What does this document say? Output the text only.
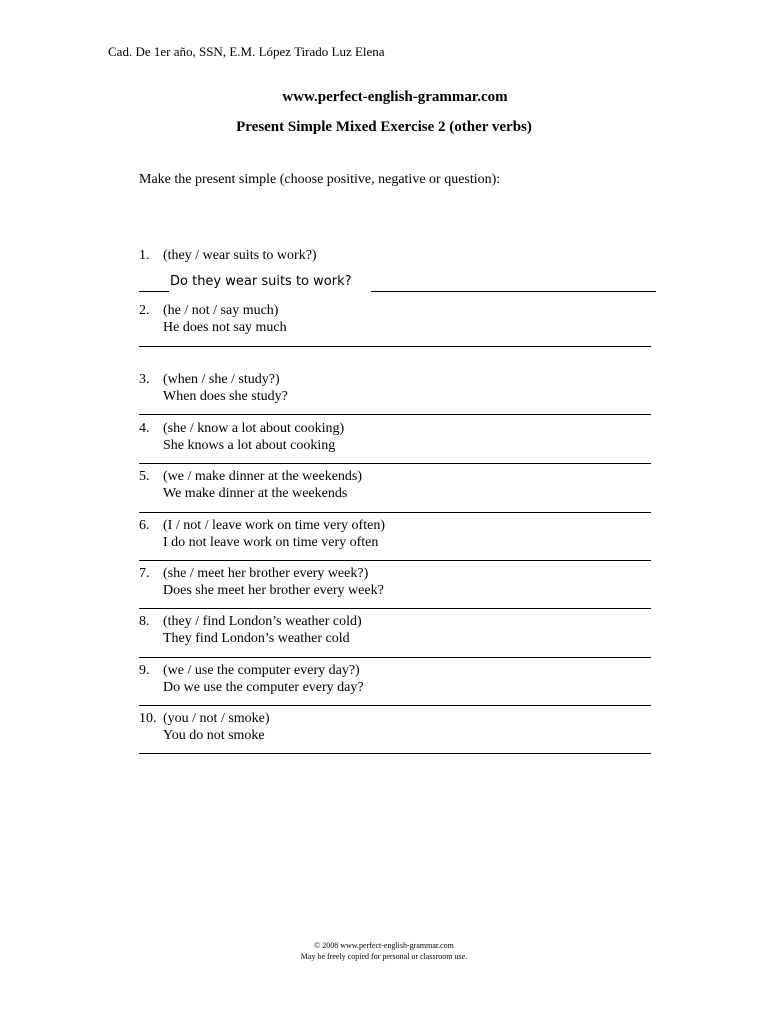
Cad. De 1er año, SSN, E.M. López Tirado Luz Elena
www.perfect-english-grammar.com
Present Simple Mixed Exercise 2 (other verbs)
Make the present simple (choose positive, negative or question):
1. (they / wear suits to work?)
Do they wear suits to work?
2. (he / not / say much)
He does not say much
3. (when / she / study?)
When does she study?
4. (she / know a lot about cooking)
She knows a lot about cooking
5. (we / make dinner at the weekends)
We make dinner at the weekends
6. (I / not / leave work on time very often)
I do not leave work on time very often
7. (she / meet her brother every week?)
Does she meet her brother every week?
8. (they / find London’s weather cold)
They find London’s weather cold
9. (we / use the computer every day?)
Do we use the computer every day?
10. (you / not / smoke)
You do not smoke
© 2008 www.perfect-english-grammar.com
May be freely copied for personal or classroom use.
